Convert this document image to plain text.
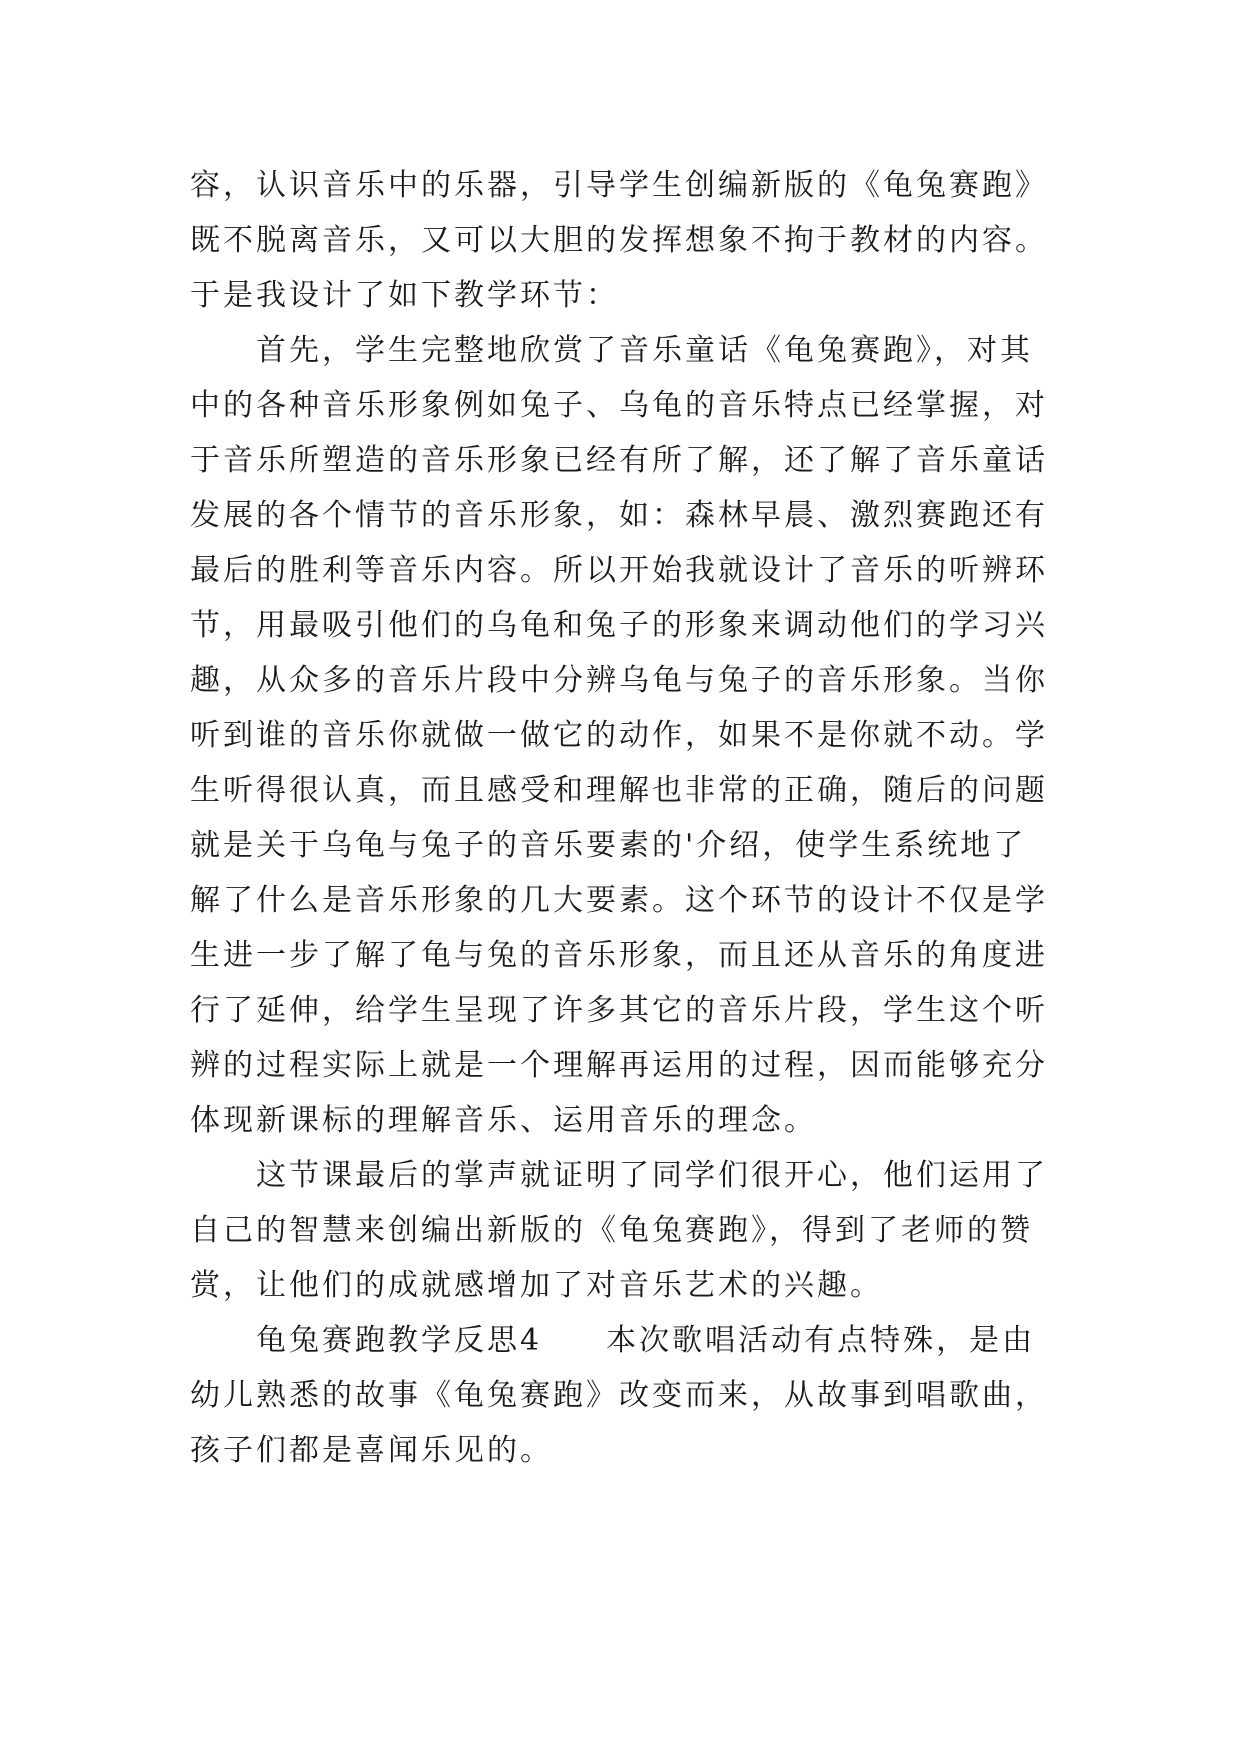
容，认识音乐中的乐器，引导学生创编新版的《龟兔赛跑》
既不脱离音乐，又可以大胆的发挥想象不拘于教材的内容。
于是我设计了如下教学环节：
首先，学生完整地欣赏了音乐童话《龟兔赛跑》，对其
中的各种音乐形象例如兔子、乌龟的音乐特点已经掌握，对
于音乐所塑造的音乐形象已经有所了解，还了解了音乐童话
发展的各个情节的音乐形象，如：森林早晨、激烈赛跑还有
最后的胜利等音乐内容。所以开始我就设计了音乐的听辨环
节，用最吸引他们的乌龟和兔子的形象来调动他们的学习兴
趣，从众多的音乐片段中分辨乌龟与兔子的音乐形象。当你
听到谁的音乐你就做一做它的动作，如果不是你就不动。学
生听得很认真，而且感受和理解也非常的正确，随后的问题
就是关于乌龟与兔子的音乐要素的'介绍，使学生系统地了
解了什么是音乐形象的几大要素。这个环节的设计不仅是学
生进一步了解了龟与兔的音乐形象，而且还从音乐的角度进
行了延伸，给学生呈现了许多其它的音乐片段，学生这个听
辨的过程实际上就是一个理解再运用的过程，因而能够充分
体现新课标的理解音乐、运用音乐的理念。
这节课最后的掌声就证明了同学们很开心，他们运用了
自己的智慧来创编出新版的《龟兔赛跑》，得到了老师的赞
赏，让他们的成就感增加了对音乐艺术的兴趣。
龟兔赛跑教学反思4 本次歌唱活动有点特殊，是由
幼儿熟悉的故事《龟兔赛跑》改变而来，从故事到唱歌曲，
孩子们都是喜闻乐见的。
